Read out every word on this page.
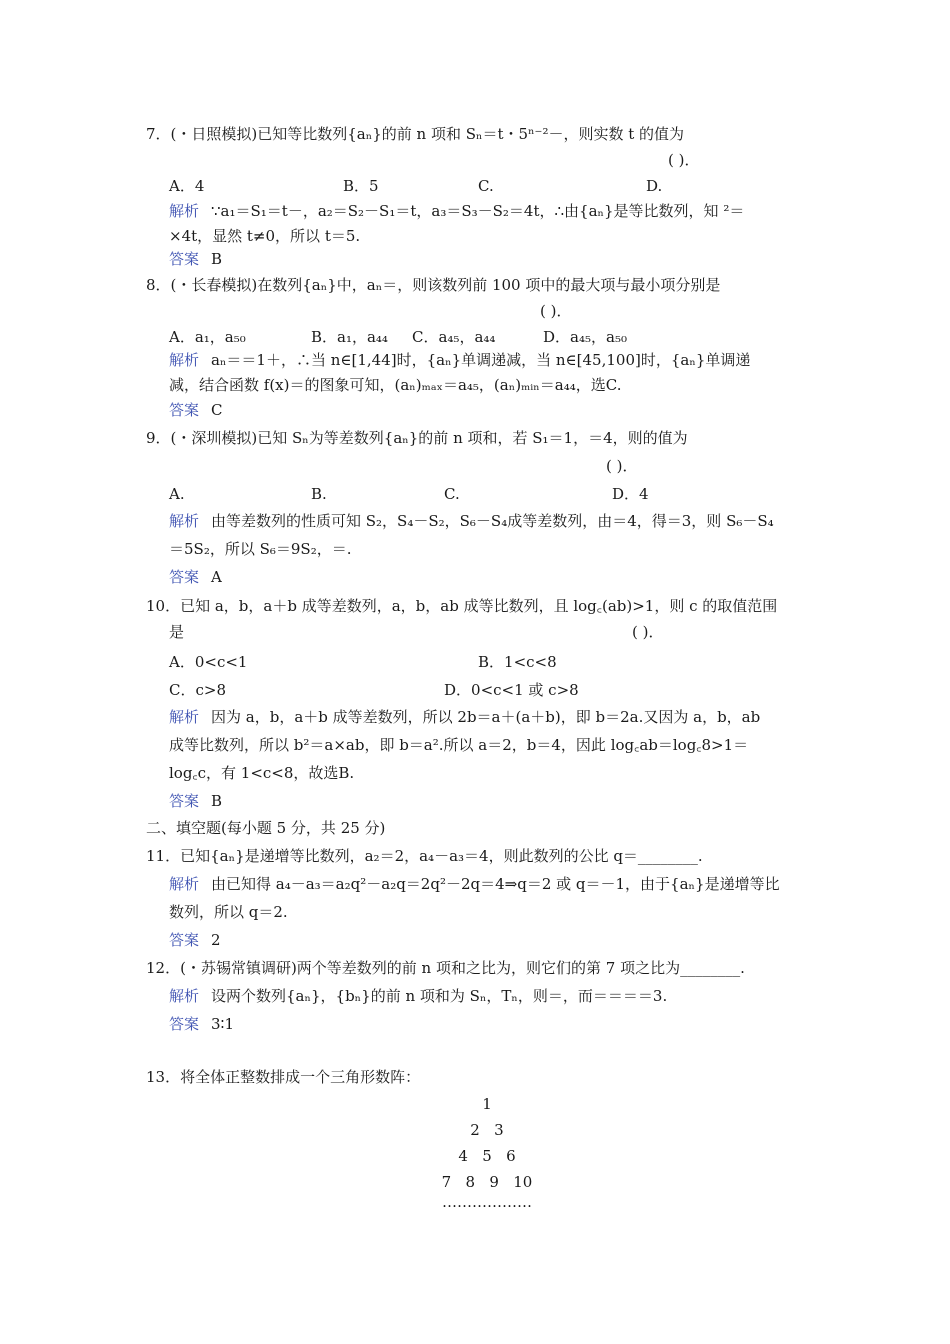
7．(・日照模拟)已知等比数列{aₙ}的前 n 项和 Sₙ＝t・5ⁿ⁻²－，则实数 t 的值为
( )．
A．4	B．5	C.	D.
解析 ∵a₁＝S₁＝t－，a₂＝S₂－S₁＝t，a₃＝S₃－S₂＝4t，∴由{aₙ}是等比数列，知 ²＝
×4t，显然 t≠0，所以 t＝5.
答案 B
8．(・长春模拟)在数列{aₙ}中，aₙ＝，则该数列前 100 项中的最大项与最小项分别是
( )．
A．a₁，a₅₀	B．a₁，a₄₄ C．a₄₅，a₄₄	D．a₄₅，a₅₀
解析 aₙ＝＝1＋，∴当 n∈[1,44]时，{aₙ}单调递减，当 n∈[45,100]时，{aₙ}单调递
减，结合函数 f(x)＝的图象可知，(aₙ)ₘₐₓ＝a₄₅，(aₙ)ₘᵢₙ＝a₄₄，选C.
答案 C
9．(・深圳模拟)已知 Sₙ为等差数列{aₙ}的前 n 项和，若 S₁＝1，＝4，则的值为
( )．
A.	B.	C.	D．4
解析 由等差数列的性质可知 S₂，S₄－S₂，S₆－S₄成等差数列，由＝4，得＝3，则 S₆－S₄
＝5S₂，所以 S₆＝9S₂，＝.
答案 A
10．已知 a，b，a＋b 成等差数列，a，b，ab 成等比数列，且 log꜀(ab)>1，则 c 的取值范围
是	( )．
A．0<c<1	B．1<c<8
C．c>8	D．0<c<1 或 c>8
解析 因为 a，b，a＋b 成等差数列，所以 2b＝a＋(a＋b)，即 b＝2a.又因为 a，b，ab
成等比数列，所以 b²＝a×ab，即 b＝a².所以 a＝2，b＝4，因此 log꜀ab＝log꜀8>1＝
log꜀c，有 1<c<8，故选B.
答案 B
二、填空题(每小题 5 分，共 25 分)
11．已知{aₙ}是递增等比数列，a₂＝2，a₄－a₃＝4，则此数列的公比 q＝________.
解析 由已知得 a₄－a₃＝a₂q²－a₂q＝2q²－2q＝4⇒q＝2 或 q＝－1，由于{aₙ}是递增等比
数列，所以 q＝2.
答案 2
12．(・苏锡常镇调研)两个等差数列的前 n 项和之比为，则它们的第 7 项之比为________.
解析 设两个数列{aₙ}，{bₙ}的前 n 项和为 Sₙ，Tₙ，则＝，而＝＝＝＝3.
答案 3∶1
13．将全体正整数排成一个三角形数阵：
1
2   3
4   5   6
7   8   9   10
………………
